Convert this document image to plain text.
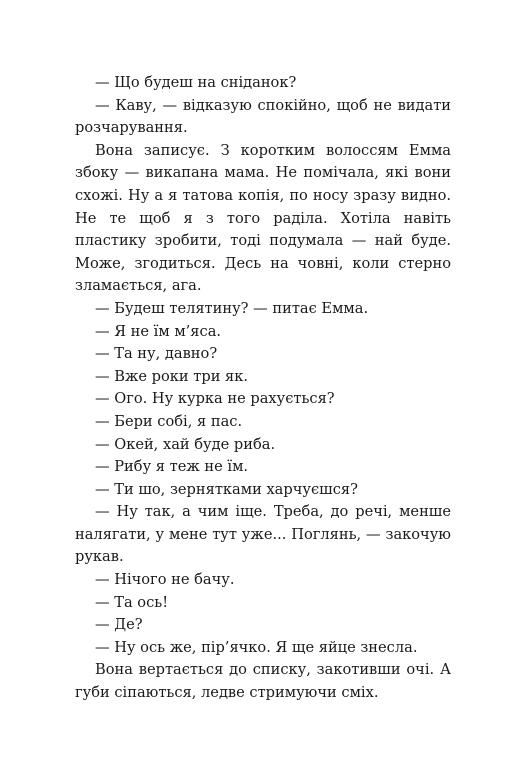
— Що будеш на сніданок?

— Каву, — відказую спокійно, щоб не видати розчарування.

Вона записує. З коротким волоссям Емма збоку — викапана мама. Не помічала, які вони схожі. Ну а я татова копія, по носу зразу видно. Не те щоб я з того раділа. Хотіла навіть пластику зробити, тоді подумала — най буде. Може, згодиться. Десь на човні, коли стерно зламається, ага.

— Будеш телятину? — питає Емма.

— Я не їм м’яса.

— Та ну, давно?

— Вже роки три як.

— Ого. Ну курка не рахується?

— Бери собі, я пас.

— Окей, хай буде риба.

— Рибу я теж не їм.

— Ти шо, зернятками харчуєшся?

— Ну так, а чим іще. Треба, до речі, менше налягати, у мене тут уже... Поглянь, — закочую рукав.

— Нічого не бачу.

— Та ось!

— Де?

— Ну ось же, пір’ячко. Я ще яйце знесла.

Вона вертається до списку, закотивши очі. А губи сіпаються, ледве стримуючи сміх.
